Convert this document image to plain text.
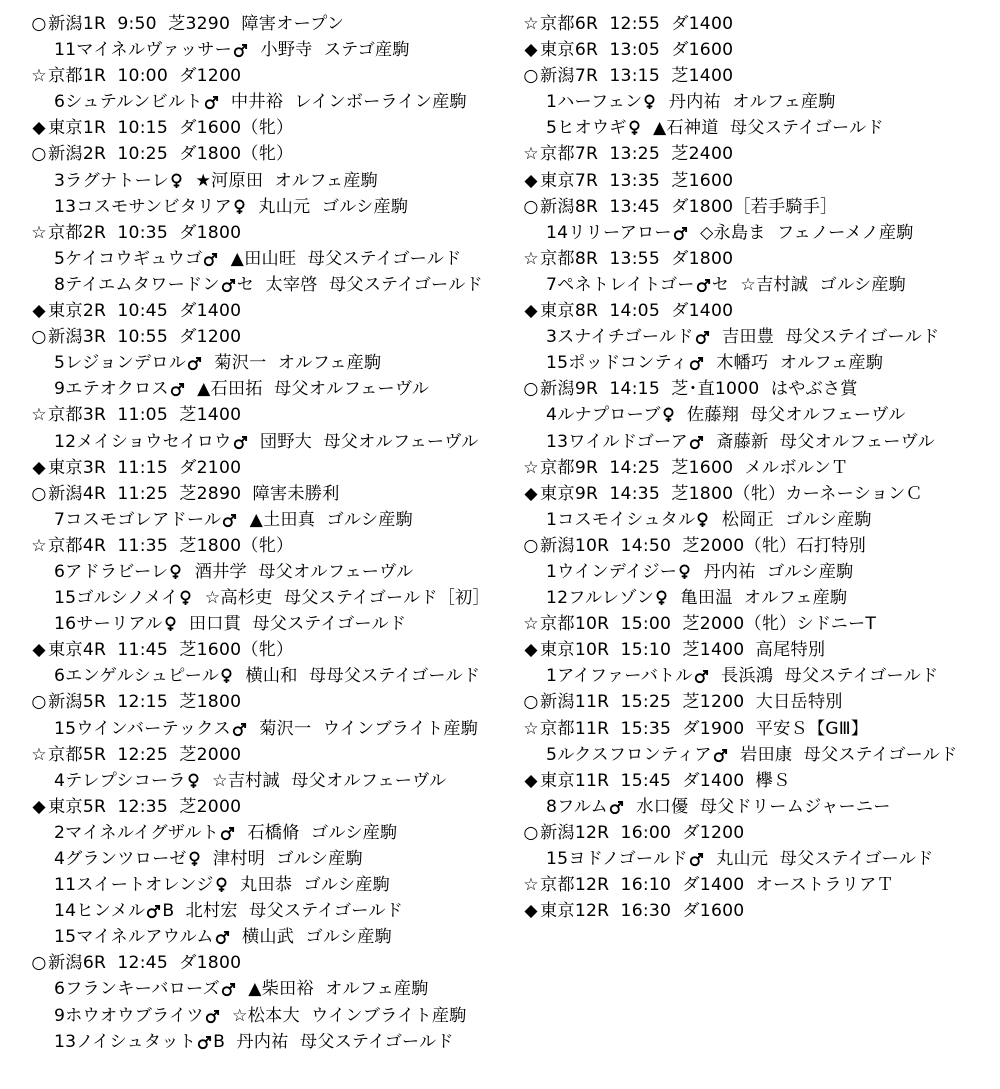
○新潟1R  9:50  芝3290  障害オープン
11マイネルヴァッサー
小野寺  ステゴ産駒
☆京都1R  10:00  ダ1200
6シュテルンビルト
中井裕  レインボーライン産駒
◆ 東京1R  10:15  ダ1600（牝）
○新潟2R  10:25  ダ1800（牝）
3ラグナトーレ
★河原田  オルフェ産駒
13コスモサンビタリア
丸山元  ゴルシ産駒
☆京都2R  10:35  ダ1800
5ケイコウギュウゴ
▲田山旺  母父ステイゴールド
8テイエムタワードン セ  太宰啓  母父ステイゴールド
◆ 東京2R  10:45  ダ1400
○新潟3R  10:55  ダ1200
5レジョンデロル
菊沢一  オルフェ産駒
9エテオクロス
▲石田拓  母父オルフェーヴル
☆京都3R  11:05  芝1400
12メイショウセイロウ
団野大  母父オルフェーヴル
◆ 東京3R  11:15  ダ2100
○新潟4R  11:25  芝2890  障害未勝利
7コスモゴレアドール
▲土田真  ゴルシ産駒
☆京都4R  11:35  芝1800（牝）
6アドラビーレ
酒井学  母父オルフェーヴル
15ゴルシノメイ
☆高杉吏  母父ステイゴールド［初］
16サーリアル
田口貫  母父ステイゴールド
◆ 東京4R  11:45  芝1600（牝）
6エンゲルシュピール
横山和  母母父ステイゴールド
○新潟5R  12:15  芝1800
15ウインバーテックス
菊沢一  ウインブライト産駒
☆京都5R  12:25  芝2000
4テレプシコーラ
☆吉村誠  母父オルフェーヴル
◆ 東京5R  12:35  芝2000
2マイネルイグザルト
石橋脩  ゴルシ産駒
4グランツローゼ
津村明  ゴルシ産駒
11スイートオレンジ
丸田恭  ゴルシ産駒
14ヒンメル B  北村宏  母父ステイゴールド
15マイネルアウルム
横山武  ゴルシ産駒
○新潟6R  12:45  ダ1800
6フランキーバローズ
▲柴田裕  オルフェ産駒
9ホウオウブライツ
☆松本大  ウインブライト産駒
13ノイシュタット B  丹内祐  母父ステイゴールド
☆京都6R  12:55  ダ1400
◆ 東京6R  13:05  ダ1600
○新潟7R  13:15  芝1400
1ハーフェン
丹内祐  オルフェ産駒
5ヒオウギ
▲石神道  母父ステイゴールド
☆京都7R  13:25  芝2400
◆ 東京7R  13:35  芝1600
○新潟8R  13:45  ダ1800［若手騎手］
14リリーアロー
◇永島ま  フェノーメノ産駒
☆京都8R  13:55  ダ1800
7ペネトレイトゴー セ  ☆吉村誠  ゴルシ産駒
◆ 東京8R  14:05  ダ1400
3スナイチゴールド
吉田豊  母父ステイゴールド
15ポッドコンティ
木幡巧  オルフェ産駒
○新潟9R  14:15  芝･直1000  はやぶさ賞
4ルナプローブ
佐藤翔  母父オルフェーヴル
13ワイルドゴーア
斎藤新  母父オルフェーヴル
☆京都9R  14:25  芝1600  メルボルンＴ
◆ 東京9R  14:35  芝1800（牝）カーネーションＣ
1コスモイシュタル
松岡正  ゴルシ産駒
○新潟10R  14:50  芝2000（牝）石打特別
1ウインデイジー
丹内祐  ゴルシ産駒
12フルレゾン
亀田温  オルフェ産駒
☆京都10R  15:00  芝2000（牝）シドニーT
◆ 東京10R  15:10  芝1400  高尾特別
1アイファーバトル
長浜鴻  母父ステイゴールド
○新潟11R  15:25  芝1200  大日岳特別
☆京都11R  15:35  ダ1900  平安Ｓ【GⅢ】
5ルクスフロンティア
岩田康  母父ステイゴールド
◆ 東京11R  15:45  ダ1400  欅Ｓ
8フルム
水口優  母父ドリームジャーニー
○新潟12R  16:00  ダ1200
15ヨドノゴールド
丸山元  母父ステイゴールド
☆京都12R  16:10  ダ1400  オーストラリアＴ
◆ 東京12R  16:30  ダ1600
